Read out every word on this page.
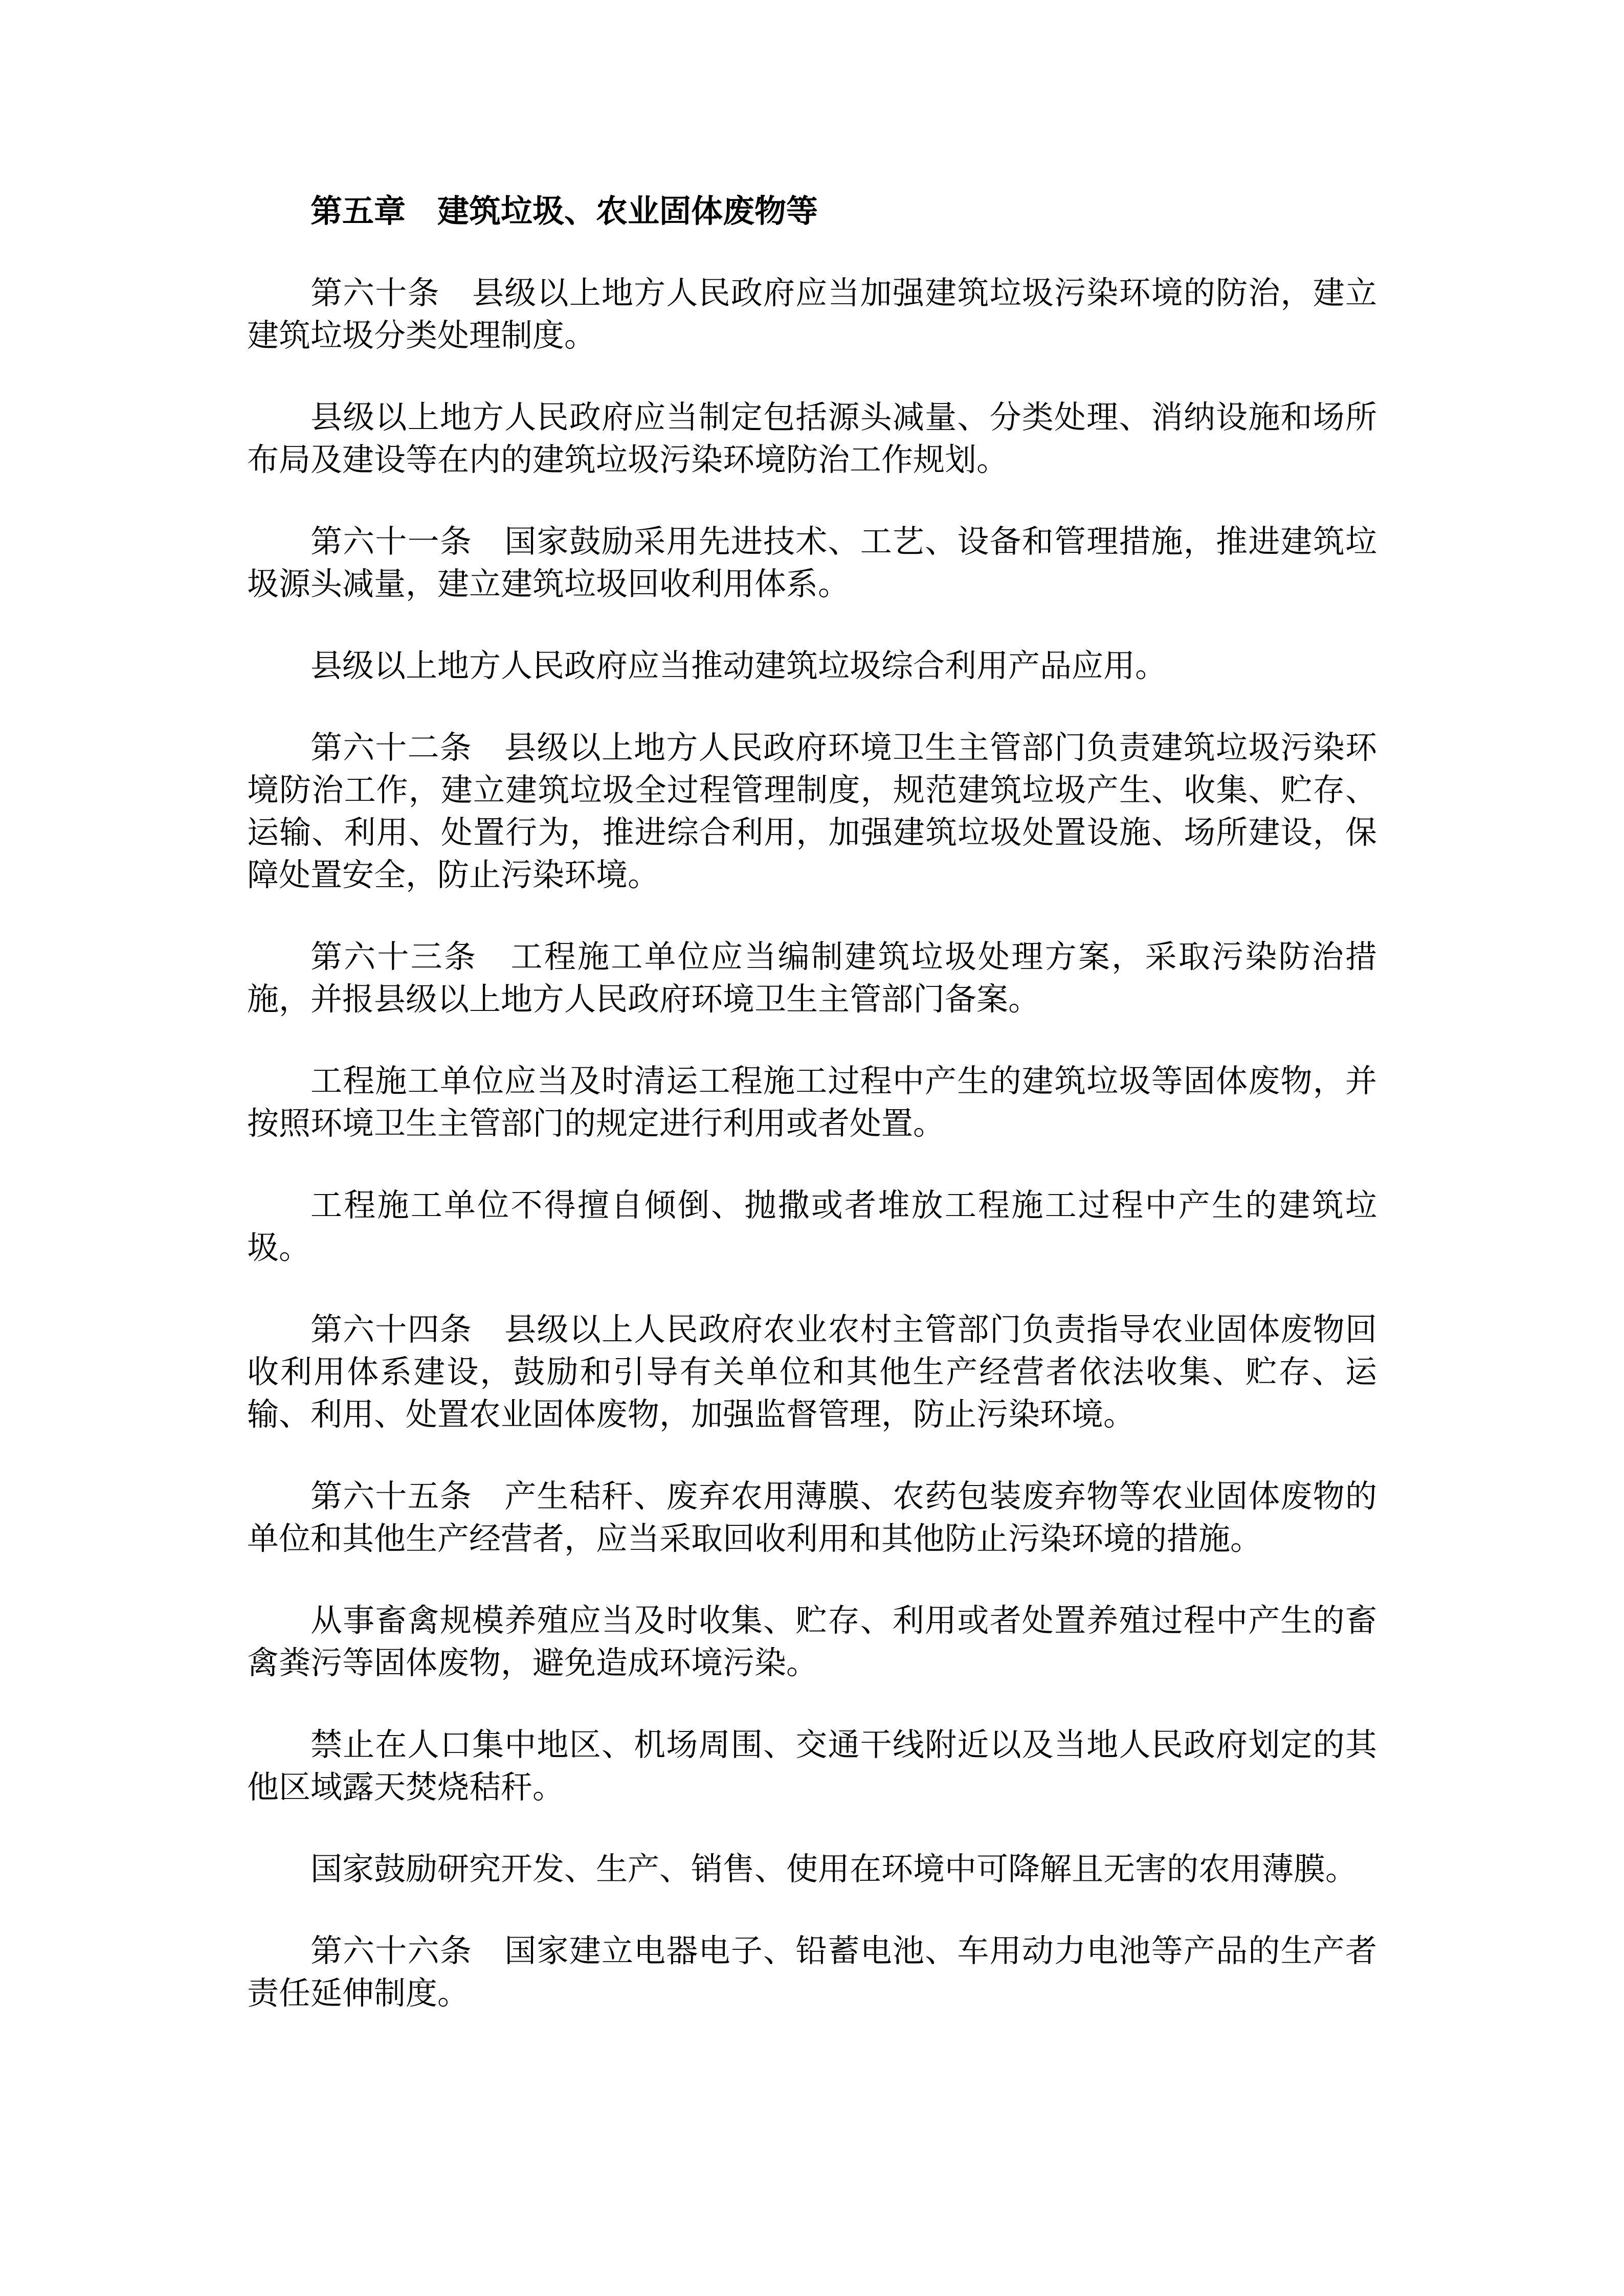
第五章　建筑垃圾、农业固体废物等

第六十条　县级以上地方人民政府应当加强建筑垃圾污染环境的防治，建立建筑垃圾分类处理制度。

县级以上地方人民政府应当制定包括源头减量、分类处理、消纳设施和场所布局及建设等在内的建筑垃圾污染环境防治工作规划。

第六十一条　国家鼓励采用先进技术、工艺、设备和管理措施，推进建筑垃圾源头减量，建立建筑垃圾回收利用体系。

县级以上地方人民政府应当推动建筑垃圾综合利用产品应用。

第六十二条　县级以上地方人民政府环境卫生主管部门负责建筑垃圾污染环境防治工作，建立建筑垃圾全过程管理制度，规范建筑垃圾产生、收集、贮存、运输、利用、处置行为，推进综合利用，加强建筑垃圾处置设施、场所建设，保障处置安全，防止污染环境。

第六十三条　工程施工单位应当编制建筑垃圾处理方案，采取污染防治措施，并报县级以上地方人民政府环境卫生主管部门备案。

工程施工单位应当及时清运工程施工过程中产生的建筑垃圾等固体废物，并按照环境卫生主管部门的规定进行利用或者处置。

工程施工单位不得擅自倾倒、抛撒或者堆放工程施工过程中产生的建筑垃圾。

第六十四条　县级以上人民政府农业农村主管部门负责指导农业固体废物回收利用体系建设，鼓励和引导有关单位和其他生产经营者依法收集、贮存、运输、利用、处置农业固体废物，加强监督管理，防止污染环境。

第六十五条　产生秸秆、废弃农用薄膜、农药包装废弃物等农业固体废物的单位和其他生产经营者，应当采取回收利用和其他防止污染环境的措施。

从事畜禽规模养殖应当及时收集、贮存、利用或者处置养殖过程中产生的畜禽粪污等固体废物，避免造成环境污染。

禁止在人口集中地区、机场周围、交通干线附近以及当地人民政府划定的其他区域露天焚烧秸秆。

国家鼓励研究开发、生产、销售、使用在环境中可降解且无害的农用薄膜。

第六十六条　国家建立电器电子、铅蓄电池、车用动力电池等产品的生产者责任延伸制度。
